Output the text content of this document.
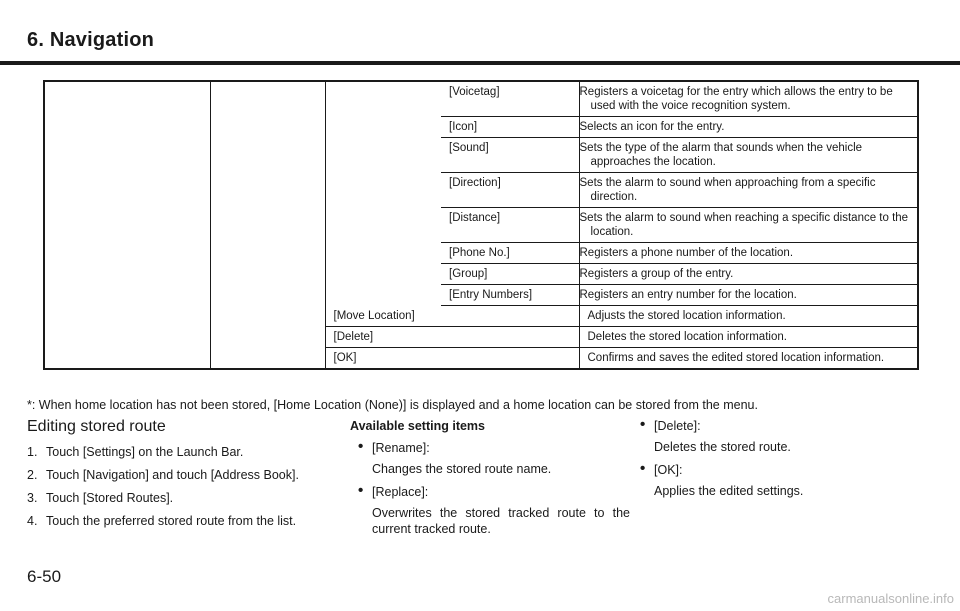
6. Navigation
			[Voicetag]	Registers a voicetag for the entry which allows the entry to be used with the voice recognition system.
			[Icon]	Selects an icon for the entry.
			[Sound]	Sets the type of the alarm that sounds when the vehicle approaches the location.
			[Direction]	Sets the alarm to sound when approaching from a specific direction.
			[Distance]	Sets the alarm to sound when reaching a specific distance to the location.
			[Phone No.]	Registers a phone number of the location.
			[Group]	Registers a group of the entry.
			[Entry Numbers]	Registers an entry number for the location.
		[Move Location]		Adjusts the stored location information.
		[Delete]		Deletes the stored location information.
		[OK]		Confirms and saves the edited stored location information.
*: When home location has not been stored, [Home Location (None)] is displayed and a home location can be stored from the menu.
Editing stored route
1. Touch [Settings] on the Launch Bar.
2. Touch [Navigation] and touch [Address Book].
3. Touch [Stored Routes].
4. Touch the preferred stored route from the list.
Available setting items
• [Rename]:
Changes the stored route name.
• [Replace]:
Overwrites the stored tracked route to the current tracked route.
• [Delete]:
Deletes the stored route.
• [OK]:
Applies the edited settings.
6-50
carmanualsonline.info
